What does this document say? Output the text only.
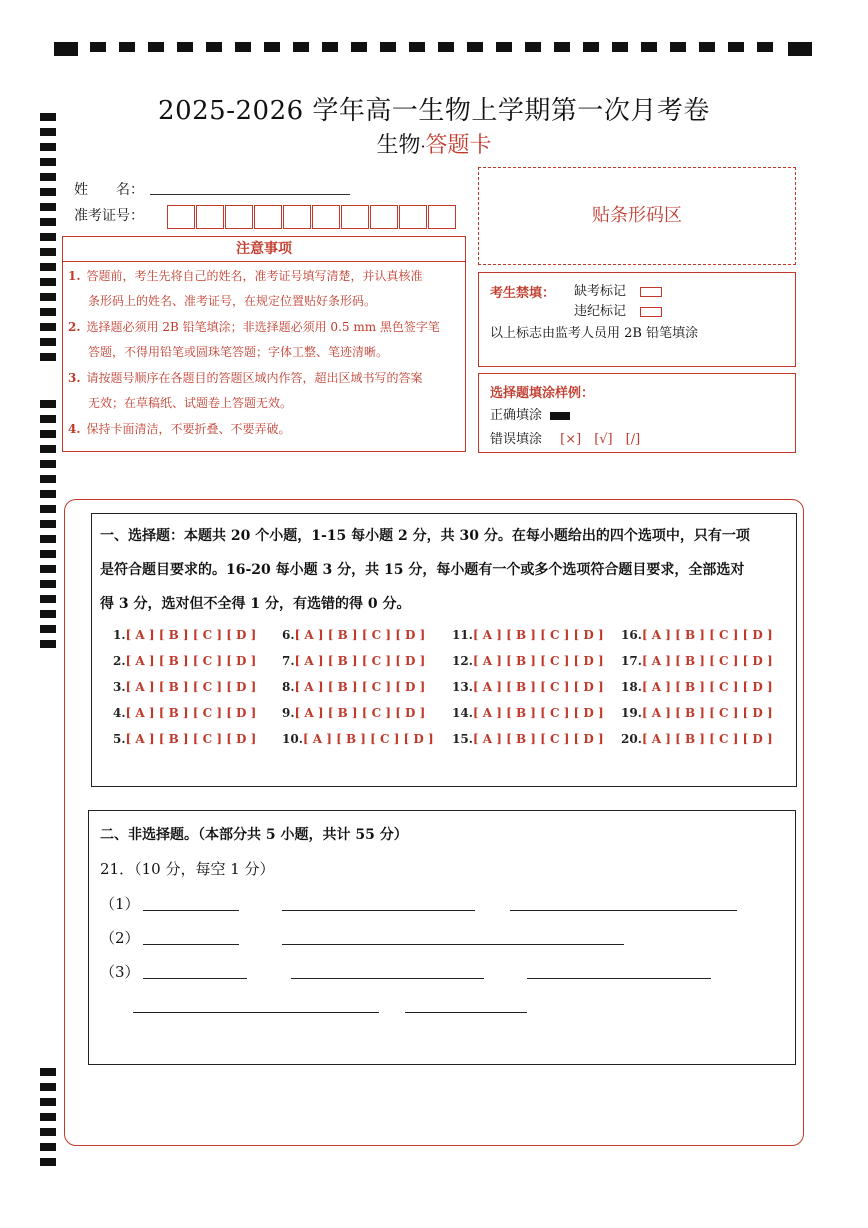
2025-2026 学年高一生物上学期第一次月考卷
生物·答题卡
姓　　名：
准考证号：
注意事项
1. 答题前，考生先将自己的姓名，准考证号填写清楚，并认真核准
条形码上的姓名、准考证号，在规定位置贴好条形码。
2. 选择题必须用 2B 铅笔填涂；非选择题必须用 0.5 mm 黑色签字笔
答题，不得用铅笔或圆珠笔答题；字体工整、笔迹清晰。
3. 请按题号顺序在各题目的答题区域内作答，超出区域书写的答案
无效；在草稿纸、试题卷上答题无效。
4. 保持卡面清洁，不要折叠、不要弄破。
贴条形码区
考生禁填： 缺考标记
违纪标记
以上标志由监考人员用 2B 铅笔填涂
选择题填涂样例：
正确填涂
错误填涂 [×]　[√]　[/]
一、选择题：本题共 20 个小题，1-15 每小题 2 分，共 30 分。在每小题给出的四个选项中，只有一项
是符合题目要求的。16-20 每小题 3 分，共 15 分，每小题有一个或多个选项符合题目要求，全部选对
得 3 分，选对但不全得 1 分，有选错的得 0 分。
1.[ A ] [ B ] [ C ] [ D ]
2.[ A ] [ B ] [ C ] [ D ]
3.[ A ] [ B ] [ C ] [ D ]
4.[ A ] [ B ] [ C ] [ D ]
5.[ A ] [ B ] [ C ] [ D ]
6.[ A ] [ B ] [ C ] [ D ]
7.[ A ] [ B ] [ C ] [ D ]
8.[ A ] [ B ] [ C ] [ D ]
9.[ A ] [ B ] [ C ] [ D ]
10.[ A ] [ B ] [ C ] [ D ]
11.[ A ] [ B ] [ C ] [ D ]
12.[ A ] [ B ] [ C ] [ D ]
13.[ A ] [ B ] [ C ] [ D ]
14.[ A ] [ B ] [ C ] [ D ]
15.[ A ] [ B ] [ C ] [ D ]
16.[ A ] [ B ] [ C ] [ D ]
17.[ A ] [ B ] [ C ] [ D ]
18.[ A ] [ B ] [ C ] [ D ]
19.[ A ] [ B ] [ C ] [ D ]
20.[ A ] [ B ] [ C ] [ D ]
二、非选择题。（本部分共 5 小题，共计 55 分）
21．（10 分，每空 1 分）
（1）
（2）
（3）
